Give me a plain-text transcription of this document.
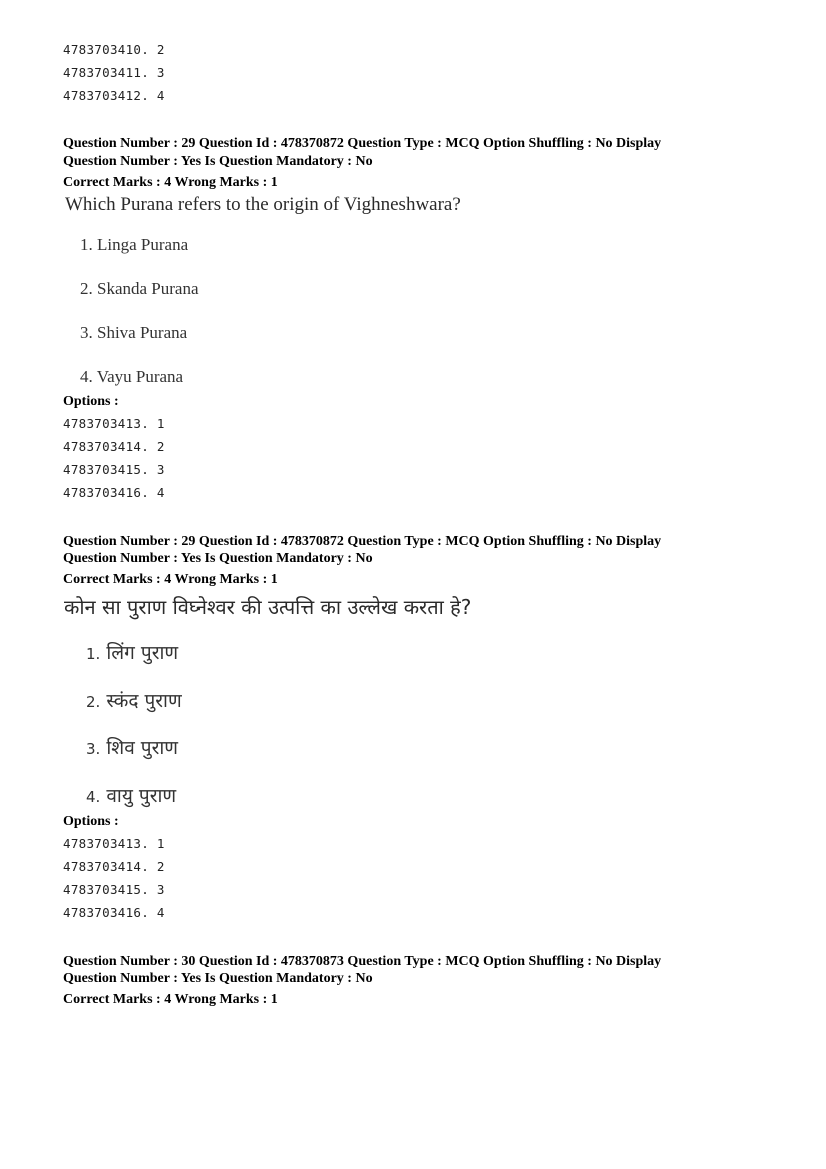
4783703410. 2
4783703411. 3
4783703412. 4
Question Number : 29 Question Id : 478370872 Question Type : MCQ Option Shuffling : No Display
Question Number : Yes Is Question Mandatory : No
Correct Marks : 4 Wrong Marks : 1
Which Purana refers to the origin of Vighneshwara?
1. Linga Purana
2. Skanda Purana
3. Shiva Purana
4. Vayu Purana
Options :
4783703413. 1
4783703414. 2
4783703415. 3
4783703416. 4
Question Number : 29 Question Id : 478370872 Question Type : MCQ Option Shuffling : No Display
Question Number : Yes Is Question Mandatory : No
Correct Marks : 4 Wrong Marks : 1
कोन सा पुराण विघ्नेश्वर की उत्पत्ति का उल्लेख करता हे?
1. लिंग पुराण
2. स्कंद पुराण
3. शिव पुराण
4. वायु पुराण
Options :
4783703413. 1
4783703414. 2
4783703415. 3
4783703416. 4
Question Number : 30 Question Id : 478370873 Question Type : MCQ Option Shuffling : No Display
Question Number : Yes Is Question Mandatory : No
Correct Marks : 4 Wrong Marks : 1
